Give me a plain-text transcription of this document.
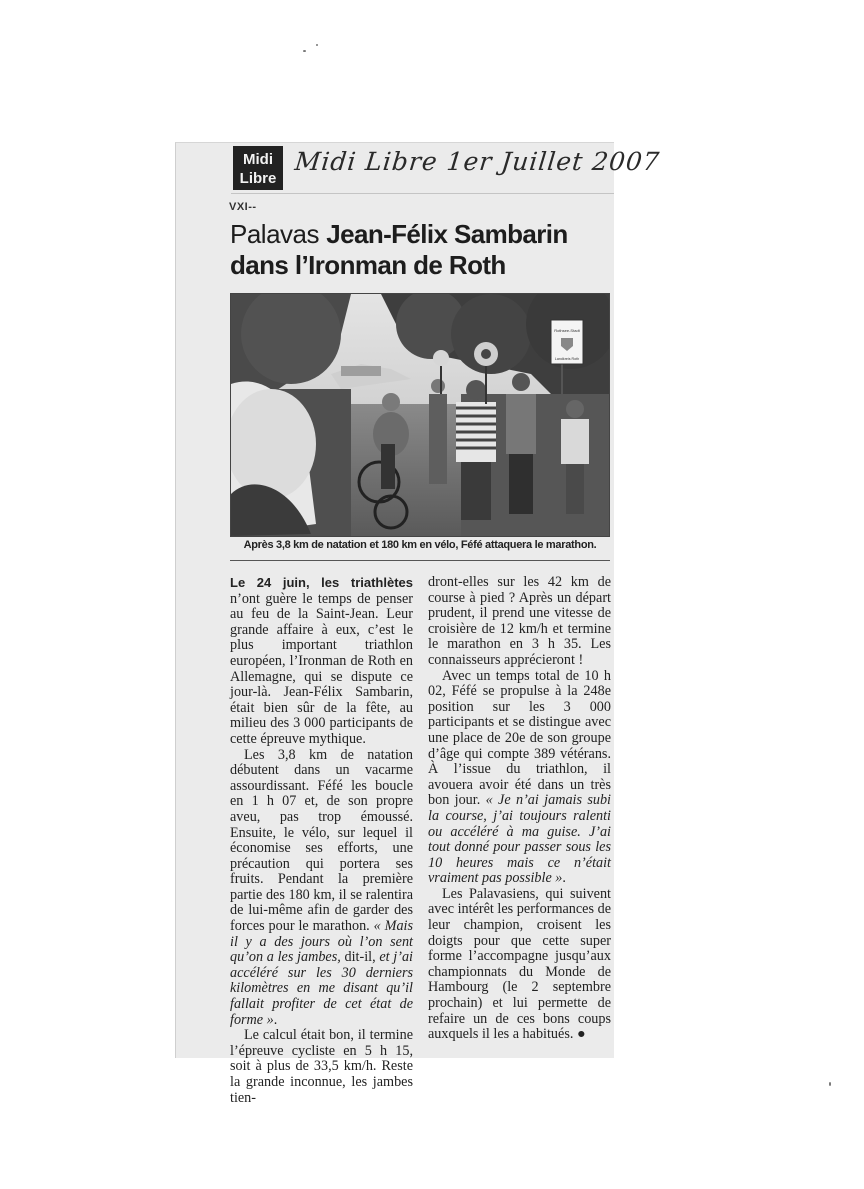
Midi
Libre
Midi Libre 1er Juillet 2007
VXI--
Palavas Jean-Félix Sambarin dans l’Ironman de Roth
Rothsee-Stadt
Landkreis Roth
Après 3,8 km de natation et 180 km en vélo, Féfé attaquera le marathon.

Le 24 juin, les triathlètes n’ont guère le temps de penser au feu de la Saint-Jean. Leur grande affaire à eux, c’est le plus important triathlon européen, l’Ironman de Roth en Allemagne, qui se dispute ce jour-là. Jean-Félix Sambarin, était bien sûr de la fête, au milieu des 3 000 participants de cette épreuve mythique.

Les 3,8 km de natation débutent dans un vacarme assourdissant. Féfé les boucle en 1 h 07 et, de son propre aveu, pas trop émoussé. Ensuite, le vélo, sur lequel il économise ses efforts, une précaution qui portera ses fruits. Pendant la première partie des 180 km, il se ralentira de lui-même afin de garder des forces pour le marathon. « Mais il y a des jours où l’on sent qu’on a les jambes, dit-il, et j’ai accéléré sur les 30 derniers kilomètres en me disant qu’il fallait profiter de cet état de forme ».

Le calcul était bon, il termine l’épreuve cycliste en 5 h 15, soit à plus de 33,5 km/h. Reste la grande inconnue, les jambes tien-

dront-elles sur les 42 km de course à pied ? Après un départ prudent, il prend une vitesse de croisière de 12 km/h et termine le marathon en 3 h 35. Les connaisseurs apprécieront !

Avec un temps total de 10 h 02, Féfé se propulse à la 248e position sur les 3 000 participants et se distingue avec une place de 20e de son groupe d’âge qui compte 389 vétérans. À l’issue du triathlon, il avouera avoir été dans un très bon jour. « Je n’ai jamais subi la course, j’ai toujours ralenti ou accéléré à ma guise. J’ai tout donné pour passer sous les 10 heures mais ce n’était vraiment pas possible ».

Les Palavasiens, qui suivent avec intérêt les performances de leur champion, croisent les doigts pour que cette super forme l’accompagne jusqu’aux championnats du Monde de Hambourg (le 2 septembre prochain) et lui permette de refaire un de ces bons coups auxquels il les a habitués. ●
